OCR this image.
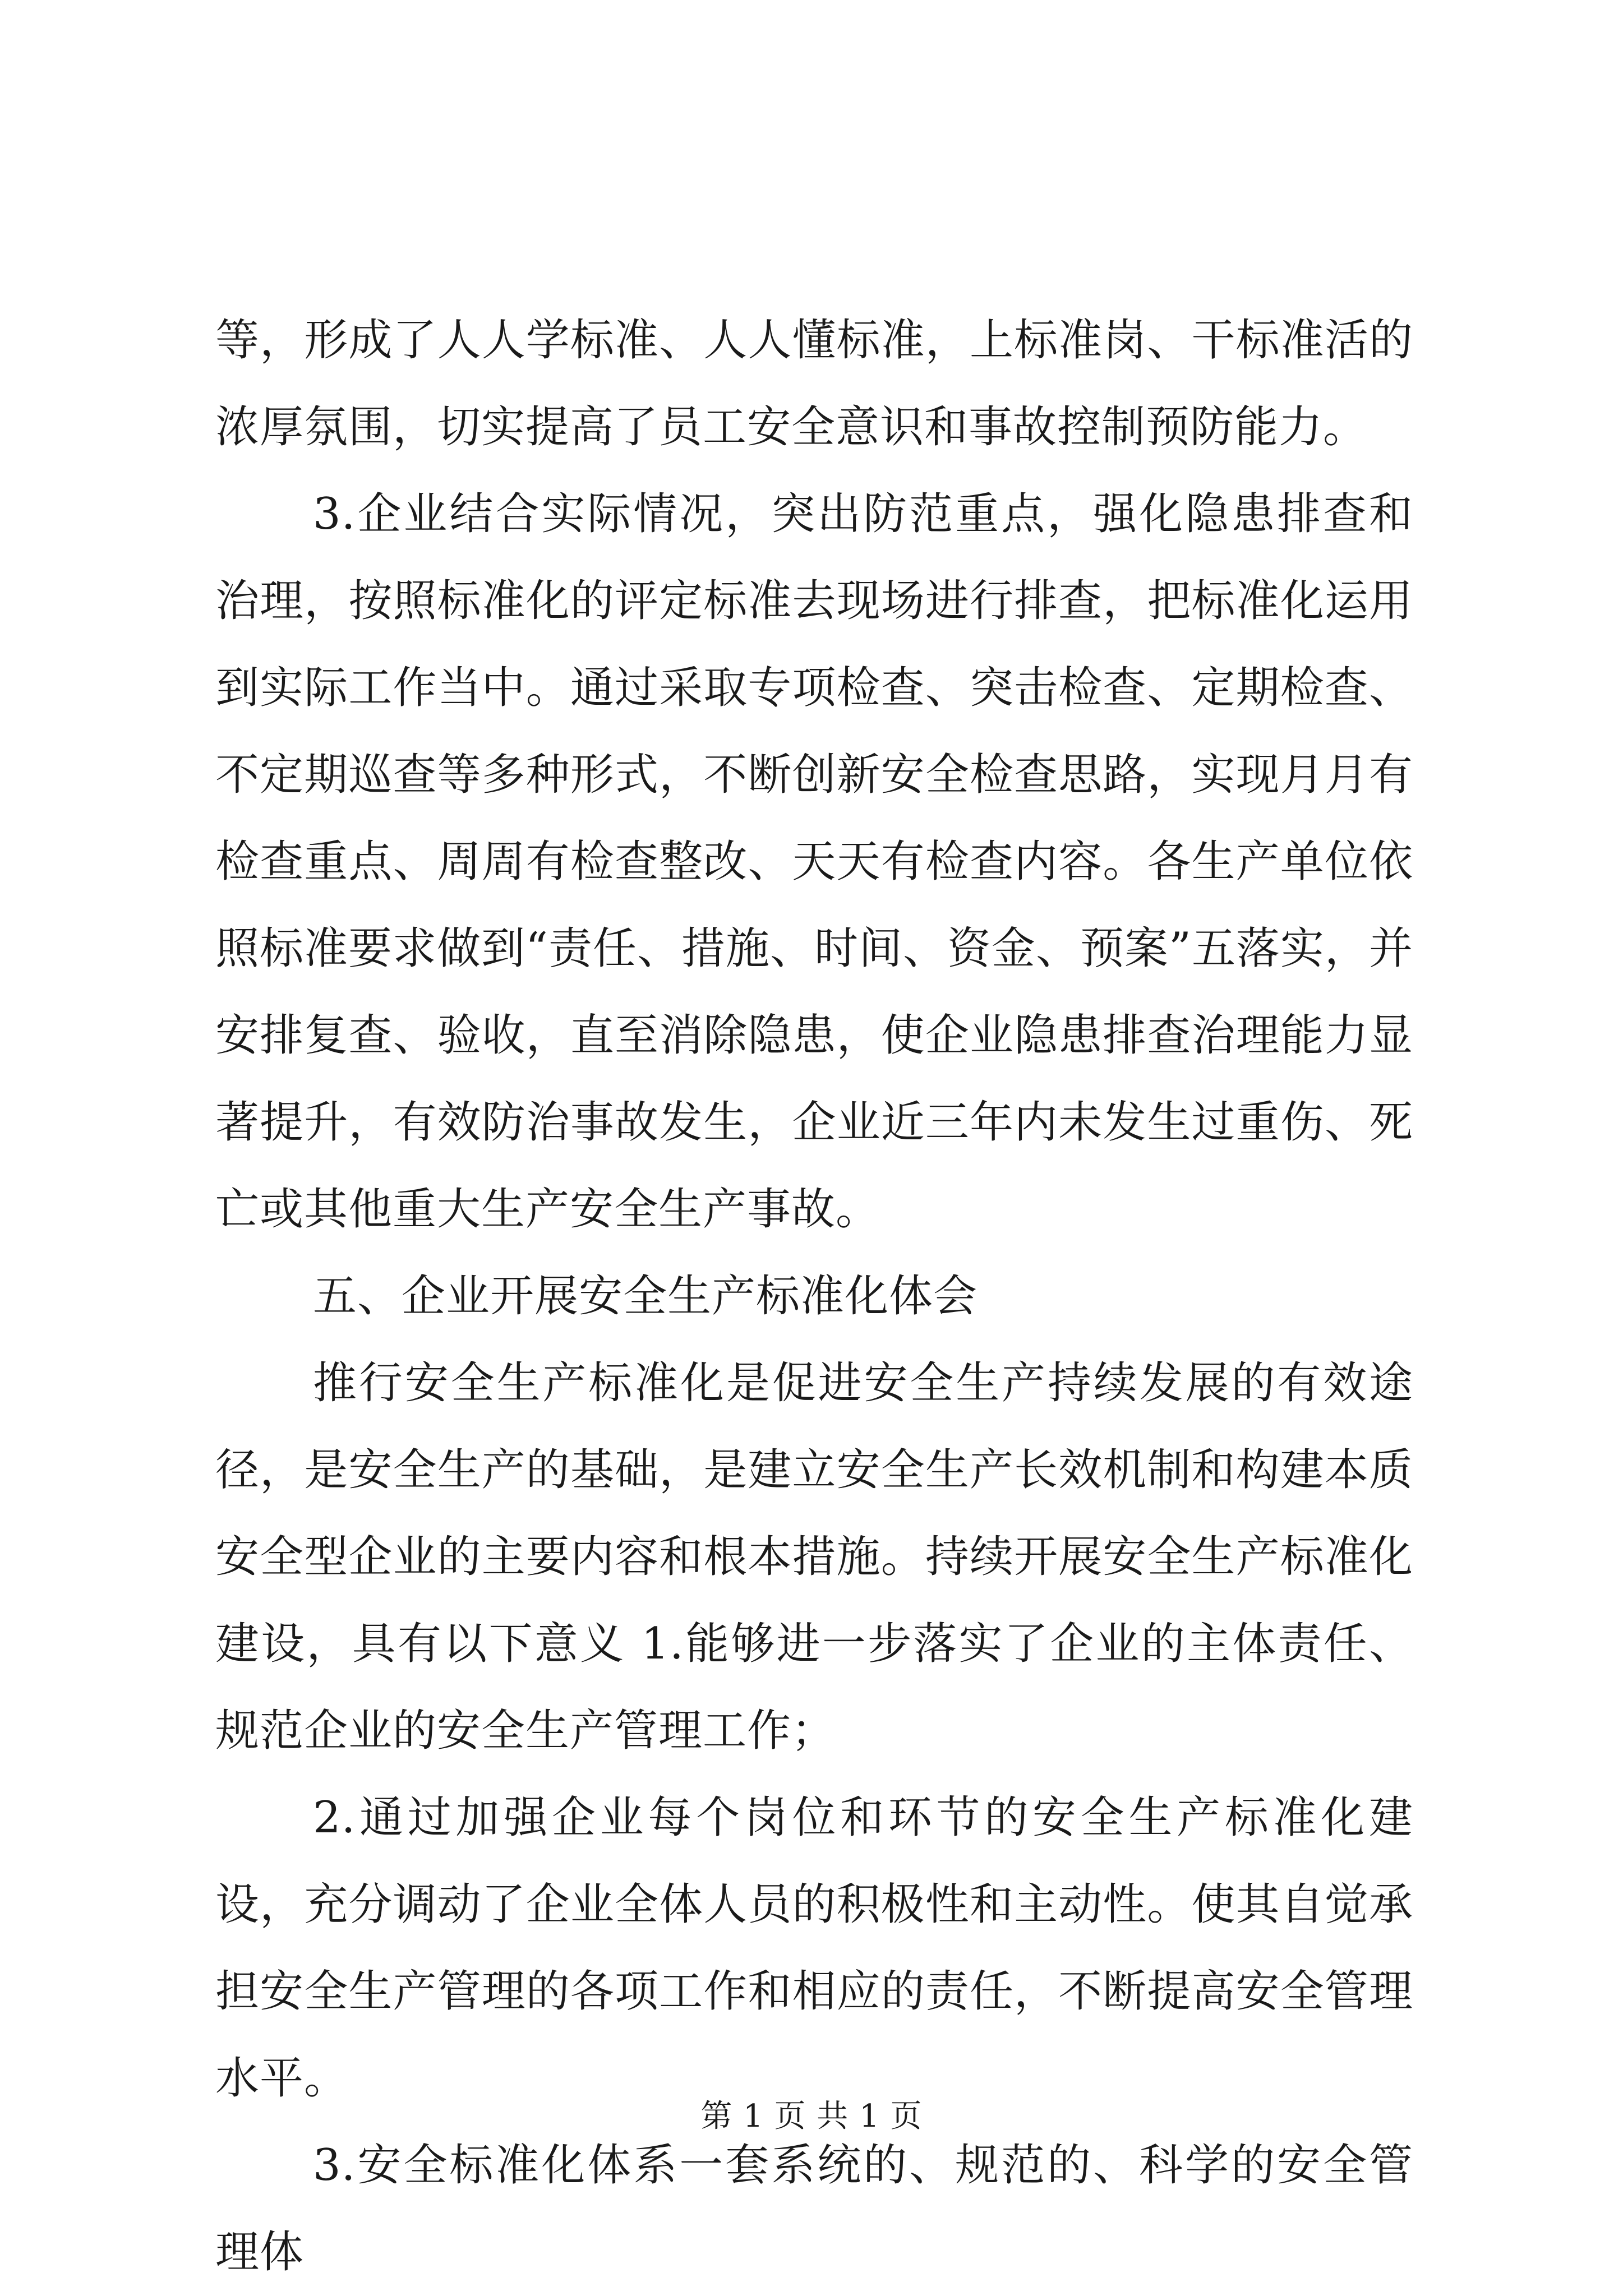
等，形成了人人学标准、人人懂标准，上标准岗、干标准活的浓厚氛围，切实提高了员工安全意识和事故控制预防能力。

3.企业结合实际情况，突出防范重点，强化隐患排查和治理，按照标准化的评定标准去现场进行排查，把标准化运用到实际工作当中。通过采取专项检查、突击检查、定期检查、不定期巡查等多种形式，不断创新安全检查思路，实现月月有检查重点、周周有检查整改、天天有检查内容。各生产单位依照标准要求做到“责任、措施、时间、资金、预案”五落实，并安排复查、验收，直至消除隐患，使企业隐患排查治理能力显著提升，有效防治事故发生，企业近三年内未发生过重伤、死亡或其他重大生产安全生产事故。

五、企业开展安全生产标准化体会

推行安全生产标准化是促进安全生产持续发展的有效途径，是安全生产的基础，是建立安全生产长效机制和构建本质安全型企业的主要内容和根本措施。持续开展安全生产标准化建设，具有以下意义 1.能够进一步落实了企业的主体责任、规范企业的安全生产管理工作；

2.通过加强企业每个岗位和环节的安全生产标准化建设，充分调动了企业全体人员的积极性和主动性。使其自觉承担安全生产管理的各项工作和相应的责任，不断提高安全管理水平。

3.安全标准化体系一套系统的、规范的、科学的安全管理体

第 1 页 共 1 页
